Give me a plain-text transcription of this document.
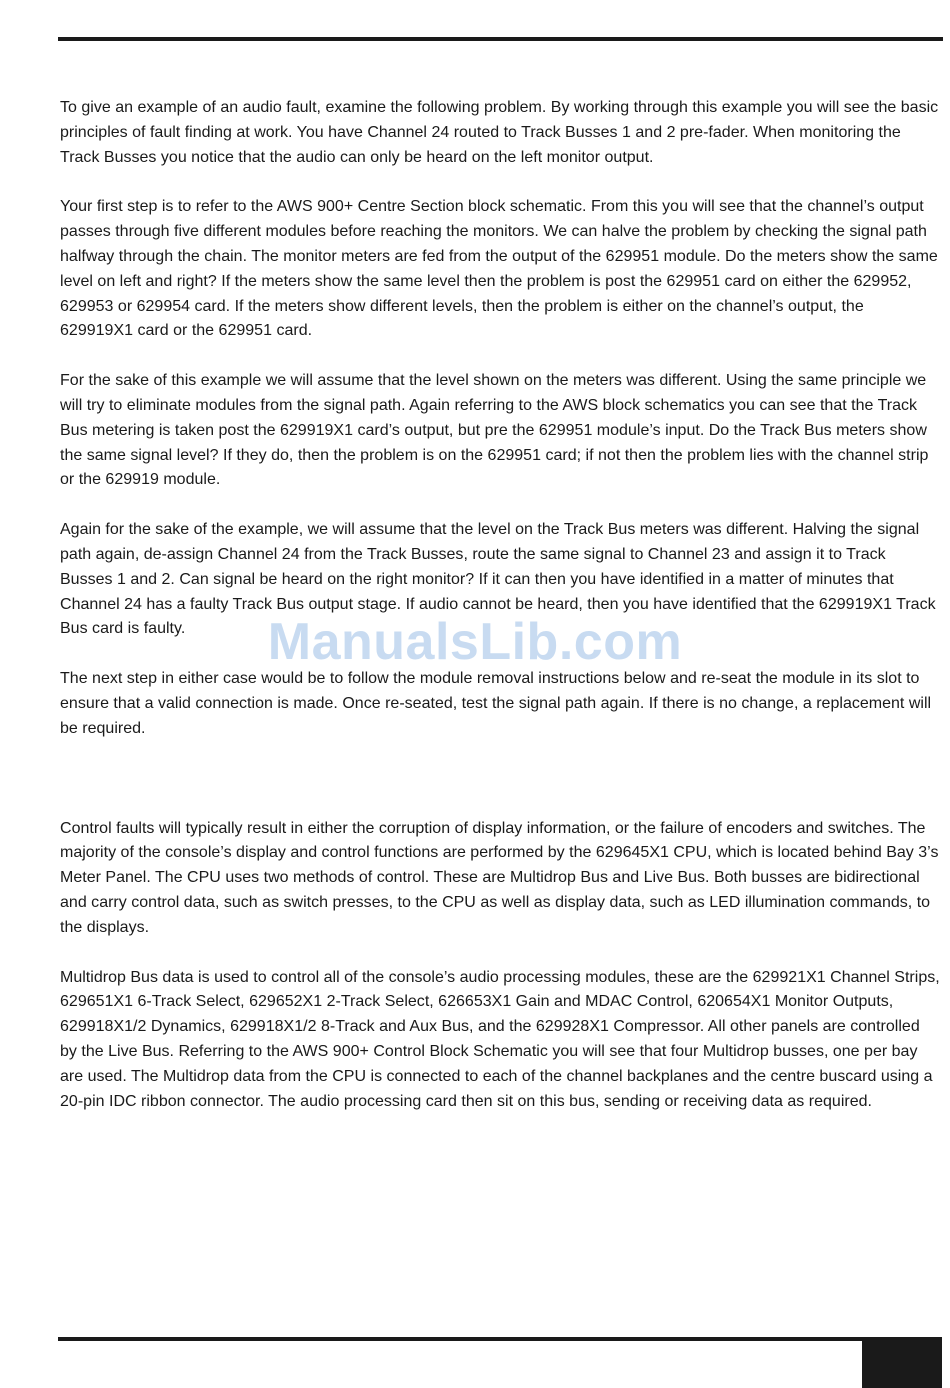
To give an example of an audio fault, examine the following problem. By working through this example you will see the basic principles of fault finding at work. You have Channel 24 routed to Track Busses 1 and 2 pre-fader. When monitoring the Track Busses you notice that the audio can only be heard on the left monitor output.

Your first step is to refer to the AWS 900+ Centre Section block schematic. From this you will see that the channel’s output passes through five different modules before reaching the monitors. We can halve the problem by checking the signal path halfway through the chain. The monitor meters are fed from the output of the 629951 module. Do the meters show the same level on left and right? If the meters show the same level then the problem is post the 629951 card on either the 629952, 629953 or 629954 card. If the meters show different levels, then the problem is either on the channel’s output, the 629919X1 card or the 629951 card.

For the sake of this example we will assume that the level shown on the meters was different. Using the same principle we will try to eliminate modules from the signal path. Again referring to the AWS block schematics you can see that the Track Bus metering is taken post the 629919X1 card’s output, but pre the 629951 module’s input. Do the Track Bus meters show the same signal level? If they do, then the problem is on the 629951 card; if not then the problem lies with the channel strip or the 629919 module.

Again for the sake of the example, we will assume that the level on the Track Bus meters was different. Halving the signal path again, de-assign Channel 24 from the Track Busses, route the same signal to Channel 23 and assign it to Track Busses 1 and 2. Can signal be heard on the right monitor? If it can then you have identified in a matter of minutes that Channel 24 has a faulty Track Bus output stage. If audio cannot be heard, then you have identified that the 629919X1 Track Bus card is faulty.

The next step in either case would be to follow the module removal instructions below and re-seat the module in its slot to ensure that a valid connection is made. Once re-seated, test the signal path again. If there is no change, a replacement will be required.

Control faults will typically result in either the corruption of display information, or the failure of encoders and switches. The majority of the console’s display and control functions are performed by the 629645X1 CPU, which is located behind Bay 3’s Meter Panel. The CPU uses two methods of control. These are Multidrop Bus and Live Bus. Both busses are bidirectional and carry control data, such as switch presses, to the CPU as well as display data, such as LED illumination commands, to the displays.

Multidrop Bus data is used to control all of the console’s audio processing modules, these are the 629921X1 Channel Strips, 629651X1 6-Track Select, 629652X1 2-Track Select, 626653X1 Gain and MDAC Control, 620654X1 Monitor Outputs, 629918X1/2 Dynamics, 629918X1/2 8-Track and Aux Bus, and the 629928X1 Compressor. All other panels are controlled by the Live Bus. Referring to the AWS 900+ Control Block Schematic you will see that four Multidrop busses, one per bay are used. The Multidrop data from the CPU is connected to each of the channel backplanes and the centre buscard using a 20-pin IDC ribbon connector. The audio processing card then sit on this bus, sending or receiving data as required.

ManualsLib.com
